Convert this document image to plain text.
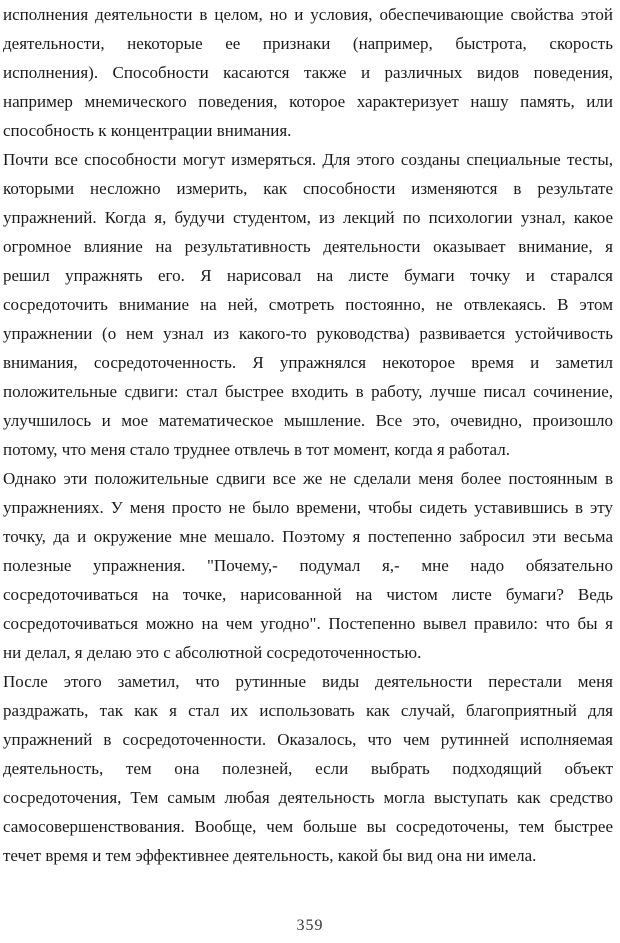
исполнения деятельности в целом, но и условия, обеспечивающие свойства этой
деятельности, некоторые ее признаки (например, быстрота, скорость
исполнения). Способности касаются также и различных видов поведения,
например мнемического поведения, которое характеризует нашу память, или
способность к концентрации внимания.
Почти все способности могут измеряться. Для этого созданы специальные тесты,
которыми несложно измерить, как способности изменяются в результате
упражнений. Когда я, будучи студентом, из лекций по психологии узнал, какое
огромное влияние на результативность деятельности оказывает внимание, я
решил упражнять его. Я нарисовал на листе бумаги точку и старался
сосредоточить внимание на ней, смотреть постоянно, не отвлекаясь. В этом
упражнении (о нем узнал из какого-то руководства) развивается устойчивость
внимания, сосредоточенность. Я упражнялся некоторое время и заметил
положительные сдвиги: стал быстрее входить в работу, лучше писал сочинение,
улучшилось и мое математическое мышление. Все это, очевидно, произошло
потому, что меня стало труднее отвлечь в тот момент, когда я работал.
Однако эти положительные сдвиги все же не сделали меня более постоянным в
упражнениях. У меня просто не было времени, чтобы сидеть уставившись в эту
точку, да и окружение мне мешало. Поэтому я постепенно забросил эти весьма
полезные упражнения. "Почему,- подумал я,- мне надо обязательно
сосредоточиваться на точке, нарисованной на чистом листе бумаги? Ведь
сосредоточиваться можно на чем угодно". Постепенно вывел правило: что бы я
ни делал, я делаю это с абсолютной сосредоточенностью.
После этого заметил, что рутинные виды деятельности перестали меня
раздражать, так как я стал их использовать как случай, благоприятный для
упражнений в сосредоточенности. Оказалось, что чем рутинней исполняемая
деятельность, тем она полезней, если выбрать подходящий объект
сосредоточения, Тем самым любая деятельность могла выступать как средство
самосовершенствования. Вообще, чем больше вы сосредоточены, тем быстрее
течет время и тем эффективнее деятельность, какой бы вид она ни имела.
359
